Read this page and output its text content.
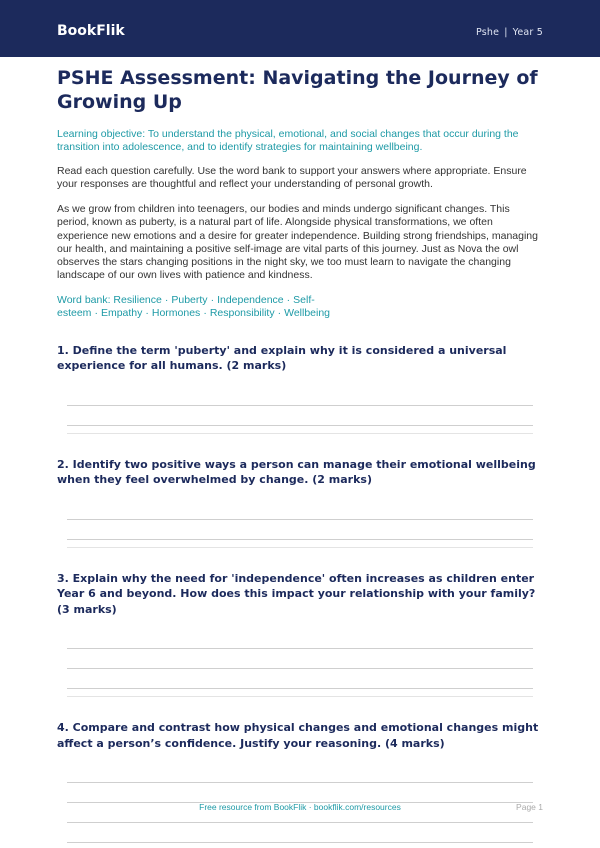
BookFlik	Pshe | Year 5
PSHE Assessment: Navigating the Journey of Growing Up

Learning objective: To understand the physical, emotional, and social changes that occur during the transition into adolescence, and to identify strategies for maintaining wellbeing.

Read each question carefully. Use the word bank to support your answers where appropriate. Ensure your responses are thoughtful and reflect your understanding of personal growth.

As we grow from children into teenagers, our bodies and minds undergo significant changes. This period, known as puberty, is a natural part of life. Alongside physical transformations, we often experience new emotions and a desire for greater independence. Building strong friendships, managing our health, and maintaining a positive self-image are vital parts of this journey. Just as Nova the owl observes the stars changing positions in the night sky, we too must learn to navigate the changing landscape of our own lives with patience and kindness.

Word bank: Resilience · Puberty · Independence · Self-esteem · Empathy · Hormones · Responsibility · Wellbeing

1. Define the term 'puberty' and explain why it is considered a universal experience for all humans. (2 marks)

2. Identify two positive ways a person can manage their emotional wellbeing when they feel overwhelmed by change. (2 marks)

3. Explain why the need for 'independence' often increases as children enter Year 6 and beyond. How does this impact your relationship with your family? (3 marks)

4. Compare and contrast how physical changes and emotional changes might affect a person’s confidence. Justify your reasoning. (4 marks)

Free resource from BookFlik · bookflik.com/resources	Page 1
